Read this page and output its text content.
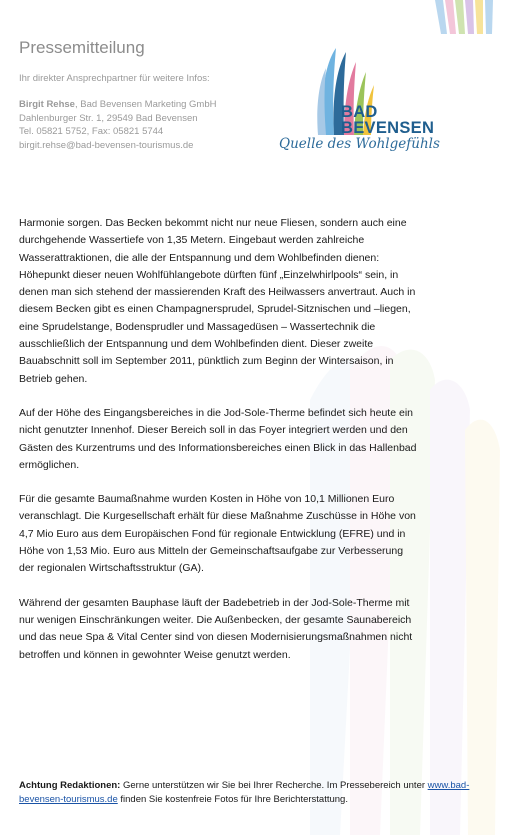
Pressemitteilung
Ihr direkter Ansprechpartner für weitere Infos:
Birgit Rehse, Bad Bevensen Marketing GmbH
Dahlenburger Str. 1, 29549 Bad Bevensen
Tel. 05821 5752, Fax: 05821 5744
birgit.rehse@bad-bevensen-tourismus.de
BAD
BEVENSEN
Quelle des Wohlgefühls

Harmonie sorgen. Das Becken bekommt nicht nur neue Fliesen, sondern auch eine durchgehende Wassertiefe von 1,35 Metern. Eingebaut werden zahlreiche Wasserattraktionen, die alle der Entspannung und dem Wohlbefinden dienen: Höhepunkt dieser neuen Wohlfühlangebote dürften fünf „Einzelwhirlpools“ sein, in denen man sich stehend der massierenden Kraft des Heilwassers anvertraut. Auch in diesem Becken gibt es einen Champagnersprudel, Sprudel-Sitznischen und –liegen, eine Sprudelstange, Bodensprudler und Massagedüsen – Wassertechnik die ausschließlich der Entspannung und dem Wohlbefinden dient. Dieser zweite Bauabschnitt soll im September 2011, pünktlich zum Beginn der Wintersaison, in Betrieb gehen.

Auf der Höhe des Eingangsbereiches in die Jod-Sole-Therme befindet sich heute ein nicht genutzter Innenhof. Dieser Bereich soll in das Foyer integriert werden und den Gästen des Kurzentrums und des Informationsbereiches einen Blick in das Hallenbad ermöglichen.

Für die gesamte Baumaßnahme wurden Kosten in Höhe von 10,1 Millionen Euro veranschlagt. Die Kurgesellschaft erhält für diese Maßnahme Zuschüsse in Höhe von 4,7 Mio Euro aus dem Europäischen Fond für regionale Entwicklung (EFRE) und in Höhe von 1,53 Mio. Euro aus Mitteln der Gemeinschaftsaufgabe zur Verbesserung der regionalen Wirtschaftsstruktur (GA).

Während der gesamten Bauphase läuft der Badebetrieb in der Jod-Sole-Therme mit nur wenigen Einschränkungen weiter. Die Außenbecken, der gesamte Saunabereich und das neue Spa & Vital Center sind von diesen Modernisierungsmaßnahmen nicht betroffen und können in gewohnter Weise genutzt werden.

Achtung Redaktionen: Gerne unterstützen wir Sie bei Ihrer Recherche. Im Pressebereich unter www.bad-bevensen-tourismus.de finden Sie kostenfreie Fotos für Ihre Berichterstattung.
